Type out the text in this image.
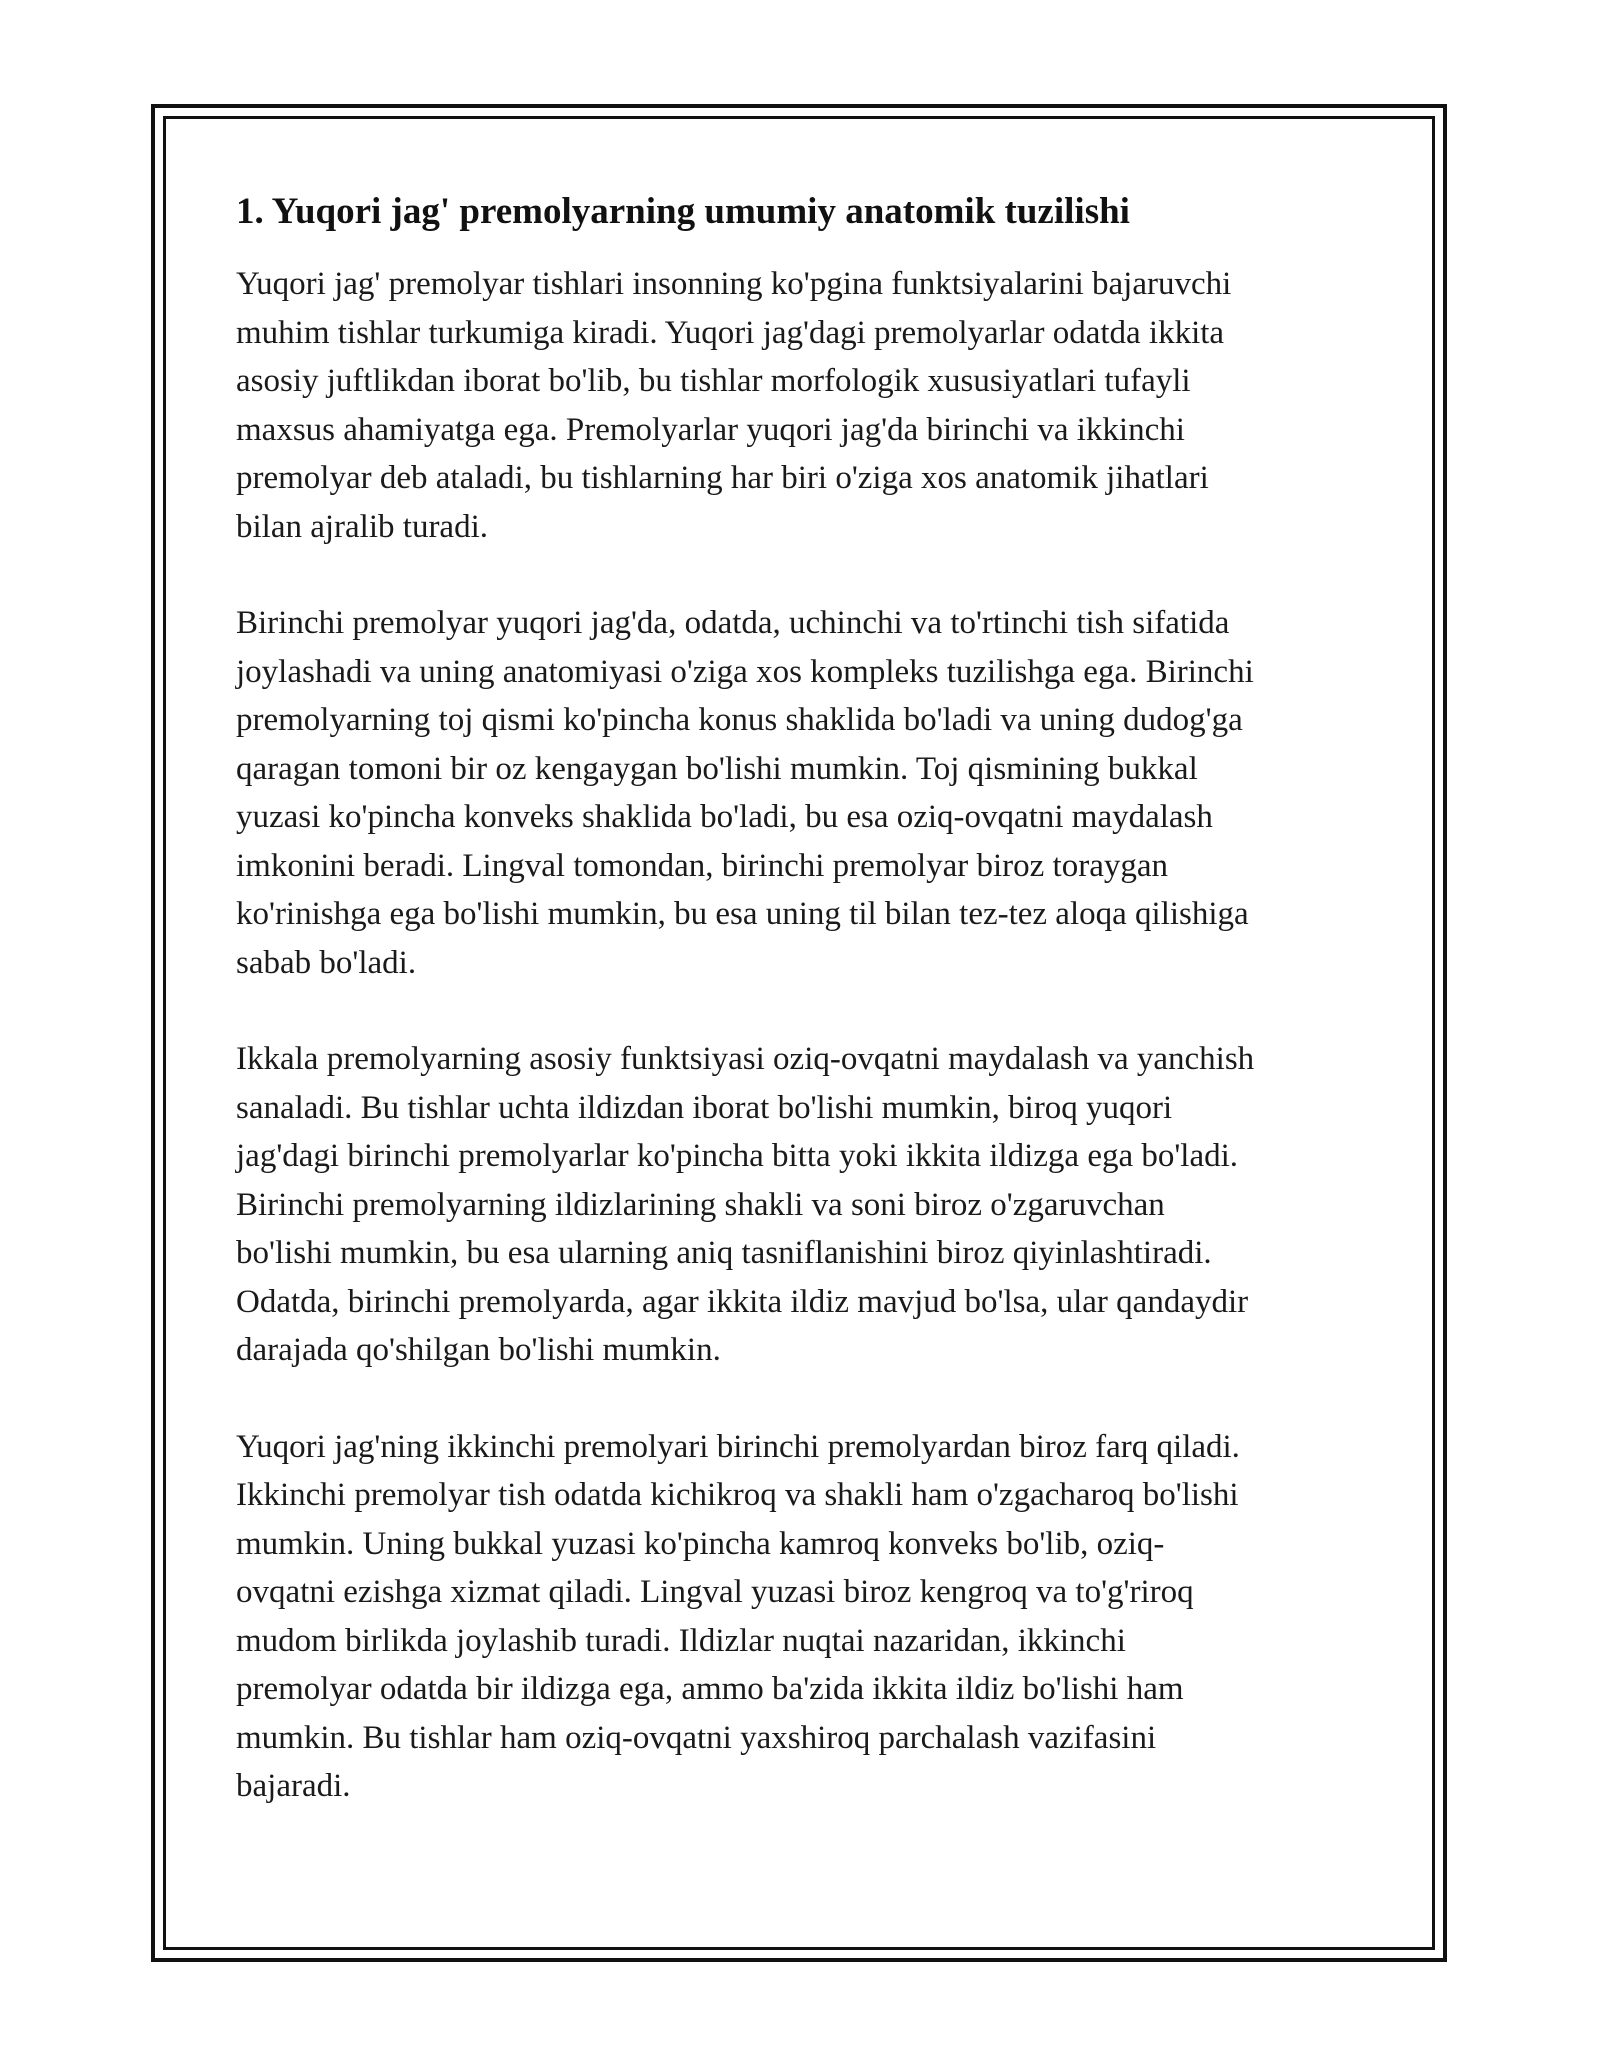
1. Yuqori jag' premolyarning umumiy anatomik tuzilishi

Yuqori jag' premolyar tishlari insonning ko'pgina funktsiyalarini bajaruvchi
muhim tishlar turkumiga kiradi. Yuqori jag'dagi premolyarlar odatda ikkita
asosiy juftlikdan iborat bo'lib, bu tishlar morfologik xususiyatlari tufayli
maxsus ahamiyatga ega. Premolyarlar yuqori jag'da birinchi va ikkinchi
premolyar deb ataladi, bu tishlarning har biri o'ziga xos anatomik jihatlari
bilan ajralib turadi.

Birinchi premolyar yuqori jag'da, odatda, uchinchi va to'rtinchi tish sifatida
joylashadi va uning anatomiyasi o'ziga xos kompleks tuzilishga ega. Birinchi
premolyarning toj qismi ko'pincha konus shaklida bo'ladi va uning dudog'ga
qaragan tomoni bir oz kengaygan bo'lishi mumkin. Toj qismining bukkal
yuzasi ko'pincha konveks shaklida bo'ladi, bu esa oziq-ovqatni maydalash
imkonini beradi. Lingval tomondan, birinchi premolyar biroz toraygan
ko'rinishga ega bo'lishi mumkin, bu esa uning til bilan tez-tez aloqa qilishiga
sabab bo'ladi.

Ikkala premolyarning asosiy funktsiyasi oziq-ovqatni maydalash va yanchish
sanaladi. Bu tishlar uchta ildizdan iborat bo'lishi mumkin, biroq yuqori
jag'dagi birinchi premolyarlar ko'pincha bitta yoki ikkita ildizga ega bo'ladi.
Birinchi premolyarning ildizlarining shakli va soni biroz o'zgaruvchan
bo'lishi mumkin, bu esa ularning aniq tasniflanishini biroz qiyinlashtiradi.
Odatda, birinchi premolyarda, agar ikkita ildiz mavjud bo'lsa, ular qandaydir
darajada qo'shilgan bo'lishi mumkin.

Yuqori jag'ning ikkinchi premolyari birinchi premolyardan biroz farq qiladi.
Ikkinchi premolyar tish odatda kichikroq va shakli ham o'zgacharoq bo'lishi
mumkin. Uning bukkal yuzasi ko'pincha kamroq konveks bo'lib, oziq-
ovqatni ezishga xizmat qiladi. Lingval yuzasi biroz kengroq va to'g'riroq
mudom birlikda joylashib turadi. Ildizlar nuqtai nazaridan, ikkinchi
premolyar odatda bir ildizga ega, ammo ba'zida ikkita ildiz bo'lishi ham
mumkin. Bu tishlar ham oziq-ovqatni yaxshiroq parchalash vazifasini
bajaradi.
